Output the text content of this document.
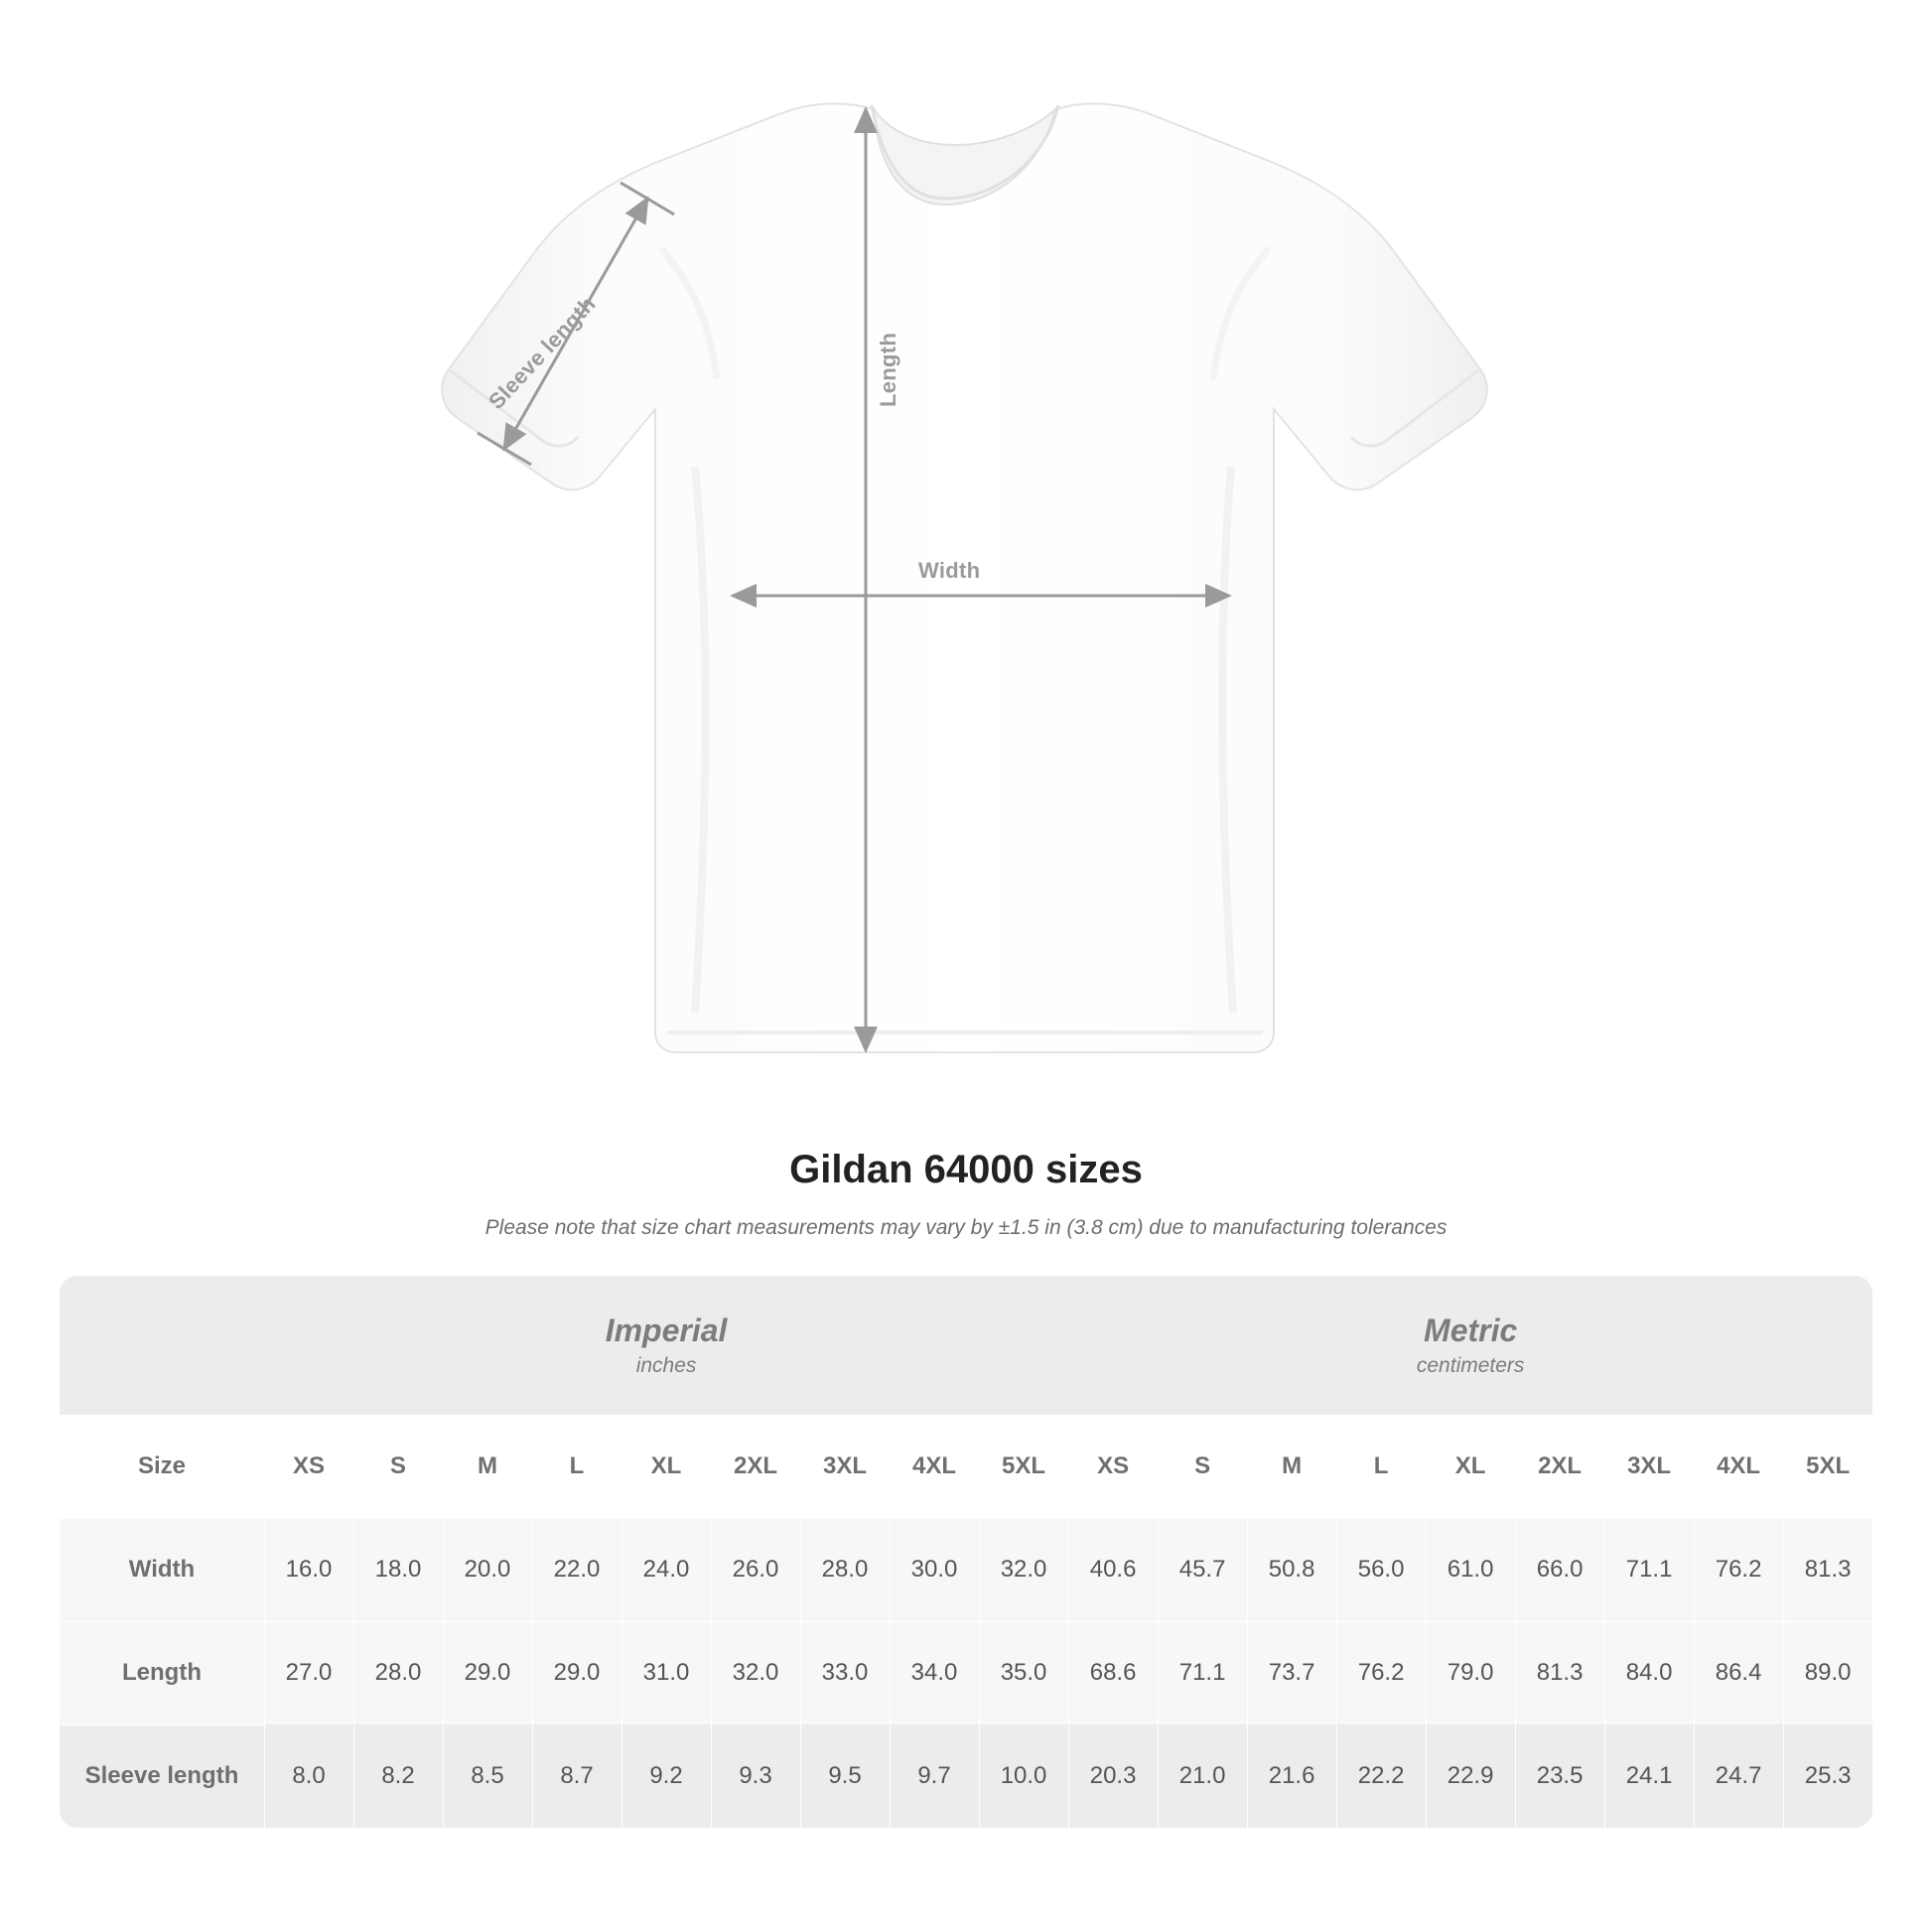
Width
Length
Sleeve length
Gildan 64000 sizes
Please note that size chart measurements may vary by ±1.5 in (3.8 cm) due to manufacturing tolerances

Imperial
inches

Metric
centimeters

Size	XS	S	M	L	XL	2XL	3XL	4XL	5XL	XS	S	M	L	XL	2XL	3XL	4XL	5XL
Width	16.0	18.0	20.0	22.0	24.0	26.0	28.0	30.0	32.0	40.6	45.7	50.8	56.0	61.0	66.0	71.1	76.2	81.3
Length	27.0	28.0	29.0	29.0	31.0	32.0	33.0	34.0	35.0	68.6	71.1	73.7	76.2	79.0	81.3	84.0	86.4	89.0
Sleeve length	8.0	8.2	8.5	8.7	9.2	9.3	9.5	9.7	10.0	20.3	21.0	21.6	22.2	22.9	23.5	24.1	24.7	25.3
